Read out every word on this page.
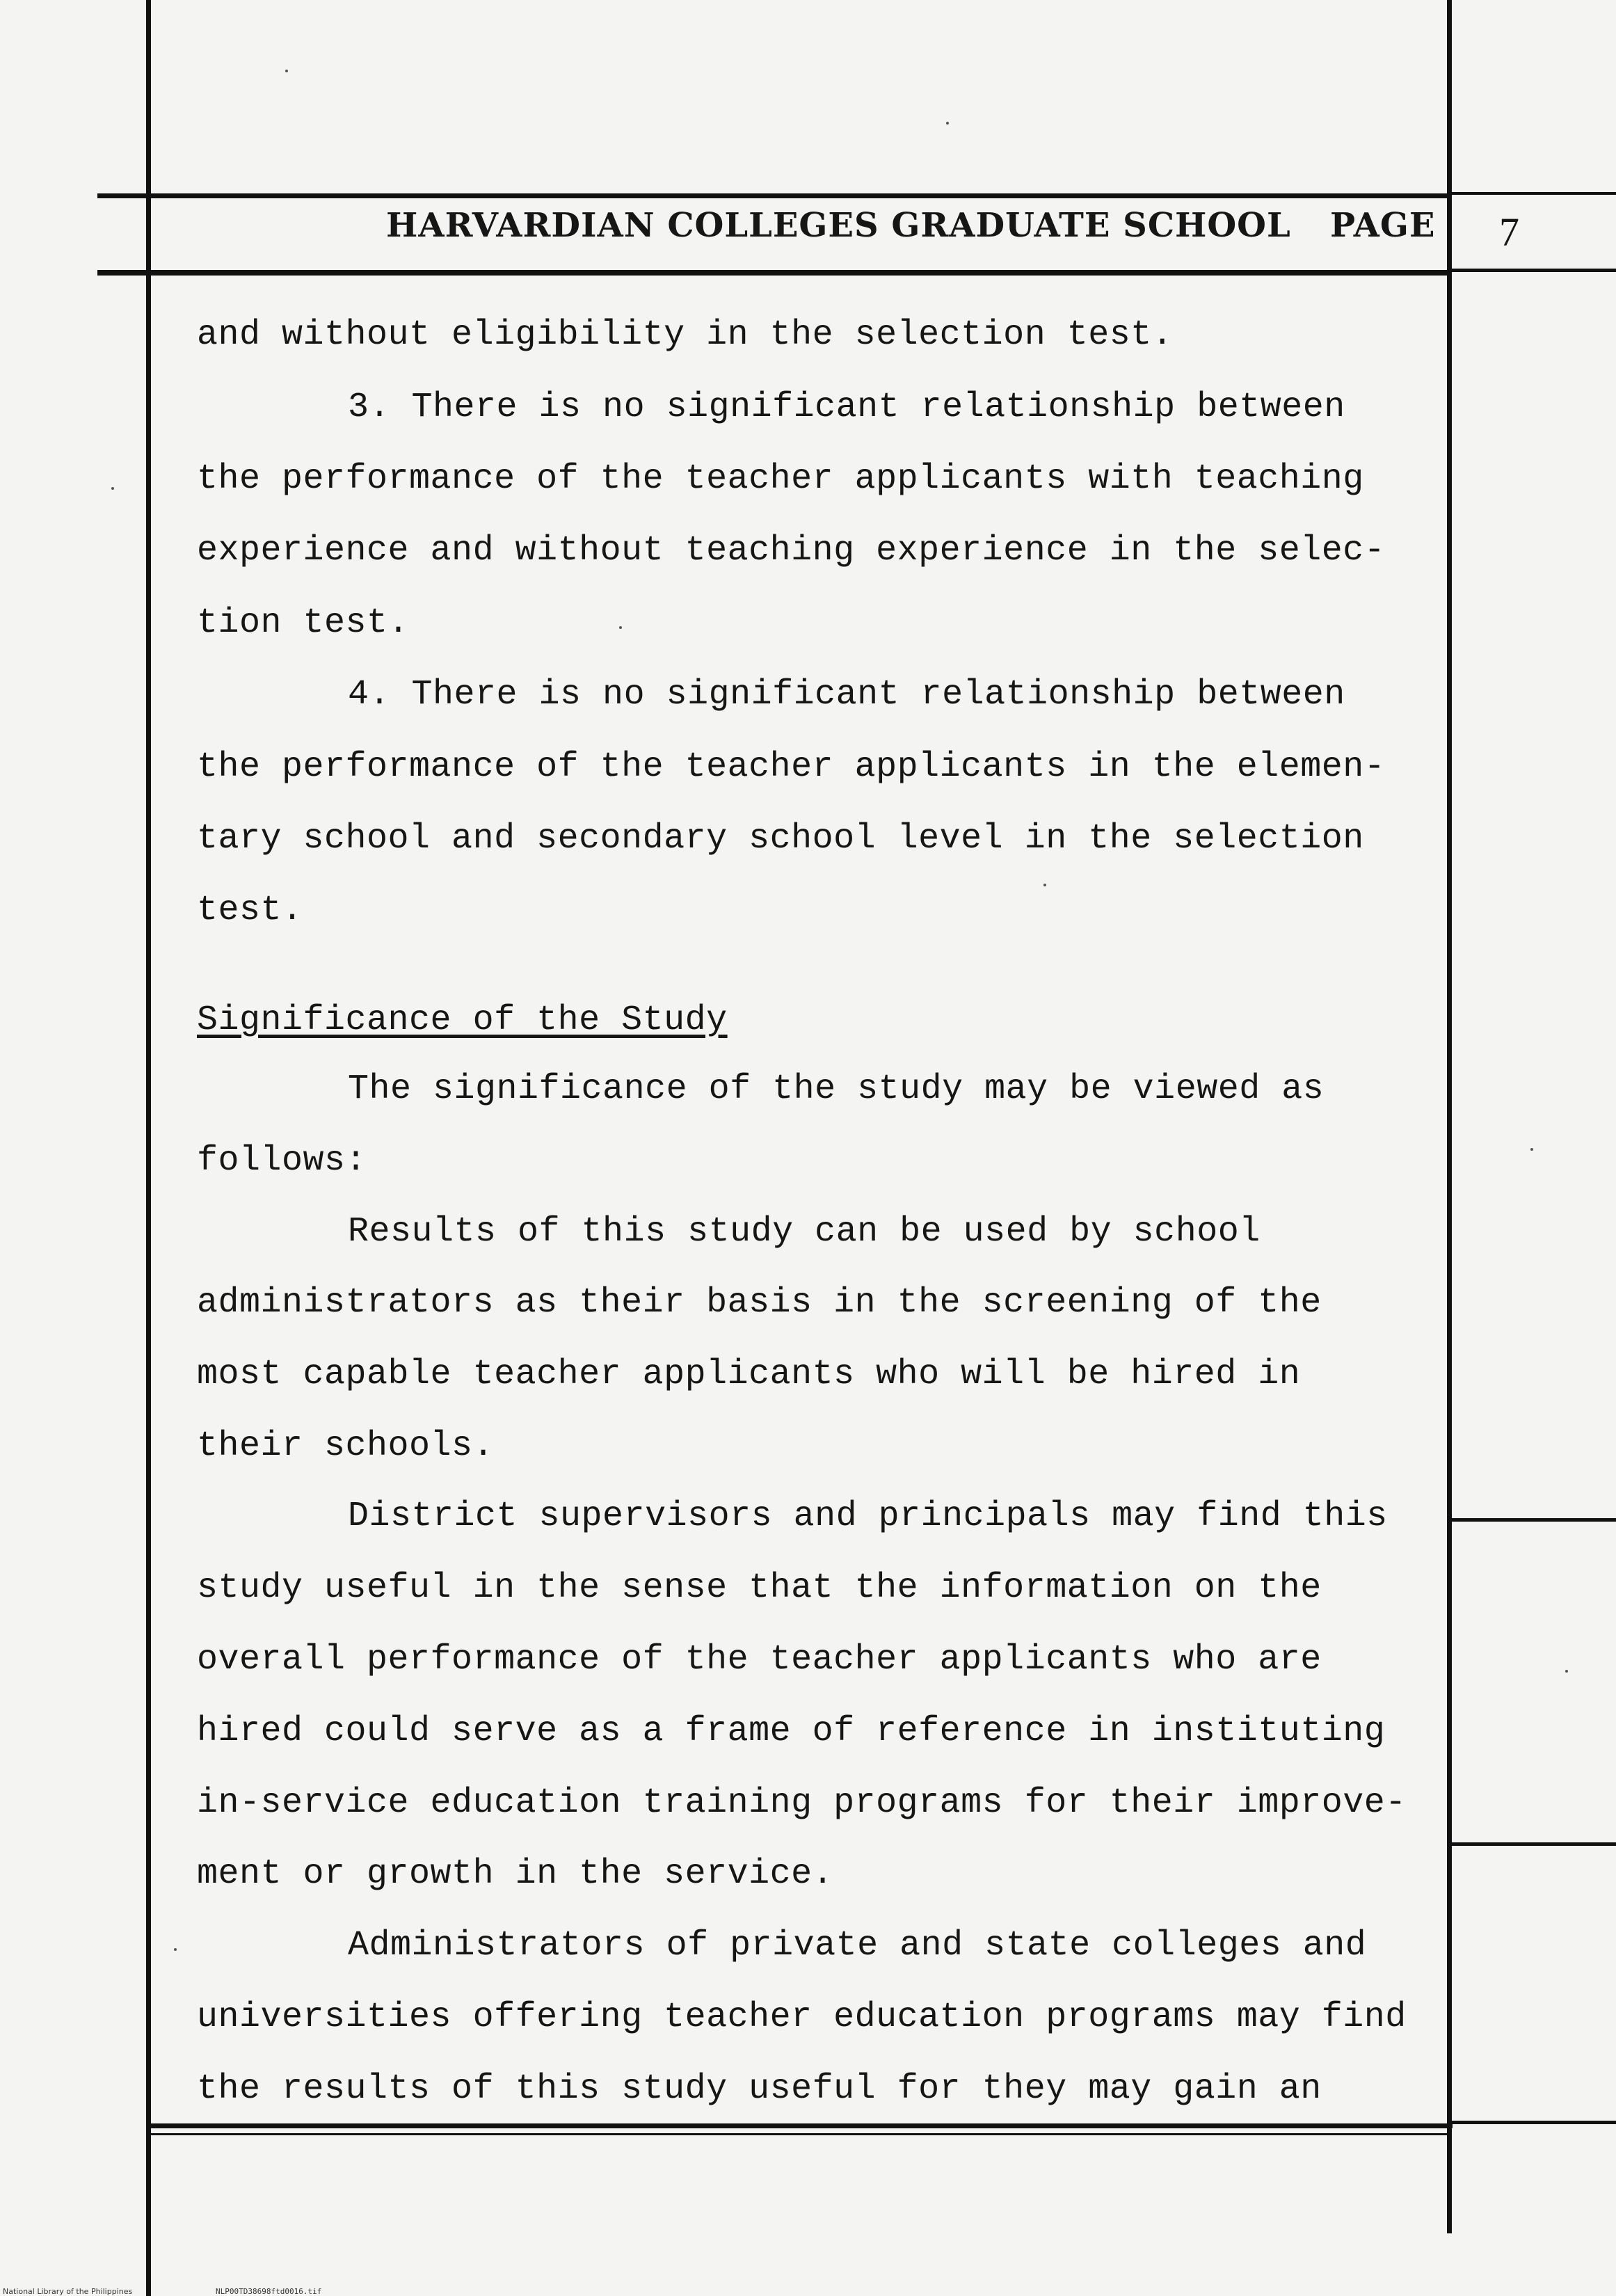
HARVARDIAN COLLEGES GRADUATE SCHOOL PAGE 7
and without eligibility in the selection test.
3. There is no significant relationship between
the performance of the teacher applicants with teaching
experience and without teaching experience in the selec-
tion test.
4. There is no significant relationship between
the performance of the teacher applicants in the elemen-
tary school and secondary school level in the selection
test.
Significance of the Study
The significance of the study may be viewed as
follows:
Results of this study can be used by school
administrators as their basis in the screening of the
most capable teacher applicants who will be hired in
their schools.
District supervisors and principals may find this
study useful in the sense that the information on the
overall performance of the teacher applicants who are
hired could serve as a frame of reference in instituting
in-service education training programs for their improve-
ment or growth in the service.
Administrators of private and state colleges and
universities offering teacher education programs may find
the results of this study useful for they may gain an
National Library of the Philippines	NLP00TD38698ftd0016.tif
